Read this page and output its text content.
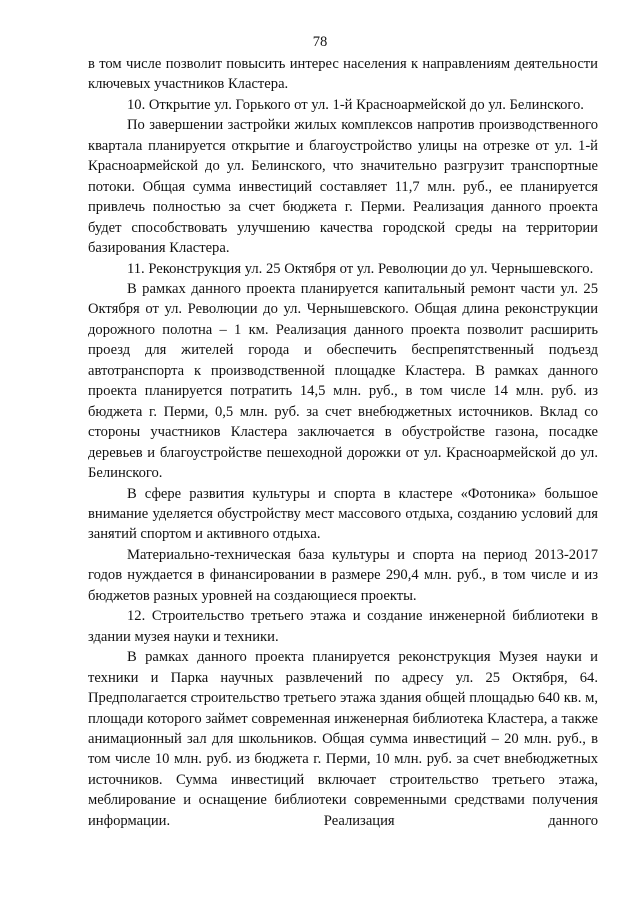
78

в том числе позволит повысить интерес населения к направлениям деятельности ключевых участников Кластера.

10. Открытие ул. Горького от ул. 1-й Красноармейской до ул. Белинского.

По завершении застройки жилых комплексов напротив производственного квартала планируется открытие и благоустройство улицы на отрезке от ул. 1-й Красноармейской до ул. Белинского, что значительно разгрузит транспортные потоки. Общая сумма инвестиций составляет 11,7 млн. руб., ее планируется привлечь полностью за счет бюджета г. Перми. Реализация данного проекта будет способствовать улучшению качества городской среды на территории базирования Кластера.

11. Реконструкция ул. 25 Октября от ул. Революции до ул. Чернышевского.

В рамках данного проекта планируется капитальный ремонт части ул. 25 Октября от ул. Революции до ул. Чернышевского. Общая длина реконструкции дорожного полотна – 1 км. Реализация данного проекта позволит расширить проезд для жителей города и обеспечить беспрепятственный подъезд автотранспорта к производственной площадке Кластера. В рамках данного проекта планируется потратить 14,5 млн. руб., в том числе 14 млн. руб. из бюджета г. Перми, 0,5 млн. руб. за счет внебюджетных источников. Вклад со стороны участников Кластера заключается в обустройстве газона, посадке деревьев и благоустройстве пешеходной дорожки от ул. Красноармейской до ул. Белинского.

В сфере развития культуры и спорта в кластере «Фотоника» большое внимание уделяется обустройству мест массового отдыха, созданию условий для занятий спортом и активного отдыха.

Материально-техническая база культуры и спорта на период 2013-2017 годов нуждается в финансировании в размере 290,4 млн. руб., в том числе и из бюджетов разных уровней на создающиеся проекты.

12. Строительство третьего этажа и создание инженерной библиотеки в здании музея науки и техники.

В рамках данного проекта планируется реконструкция Музея науки и техники и Парка научных развлечений по адресу ул. 25 Октября, 64. Предполагается строительство третьего этажа здания общей площадью 640 кв. м, площади которого займет современная инженерная библиотека Кластера, а также анимационный зал для школьников. Общая сумма инвестиций – 20 млн. руб., в том числе 10 млн. руб. из бюджета г. Перми, 10 млн. руб. за счет внебюджетных источников. Сумма инвестиций включает строительство третьего этажа, меблирование и оснащение библиотеки современными средствами получения информации. Реализация данного
